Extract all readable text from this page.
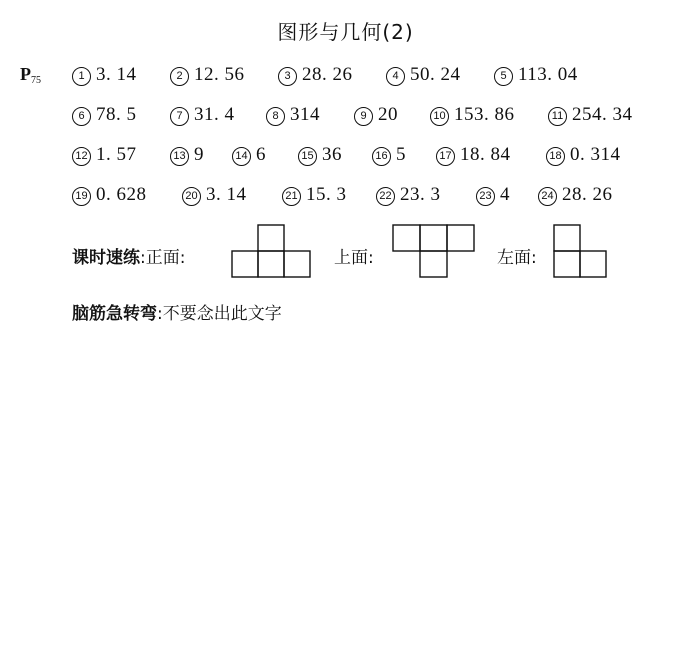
图形与几何(2)
$P_{75}$	1 3. 14	2 12. 56	3 28. 26	4 50. 24	5 113. 04
6 78. 5	7 31. 4	8 314	9 20	10 153. 86	11 254. 34
12 1. 57	13 9	14 6	15 36	16 5	17 18. 84	18 0. 314
19 0. 628	20 3. 14	21 15. 3	22 23. 3	23 4	24 28. 26
课时速练:正面:	上面:	左面:
脑筋急转弯:不要念出此文字
